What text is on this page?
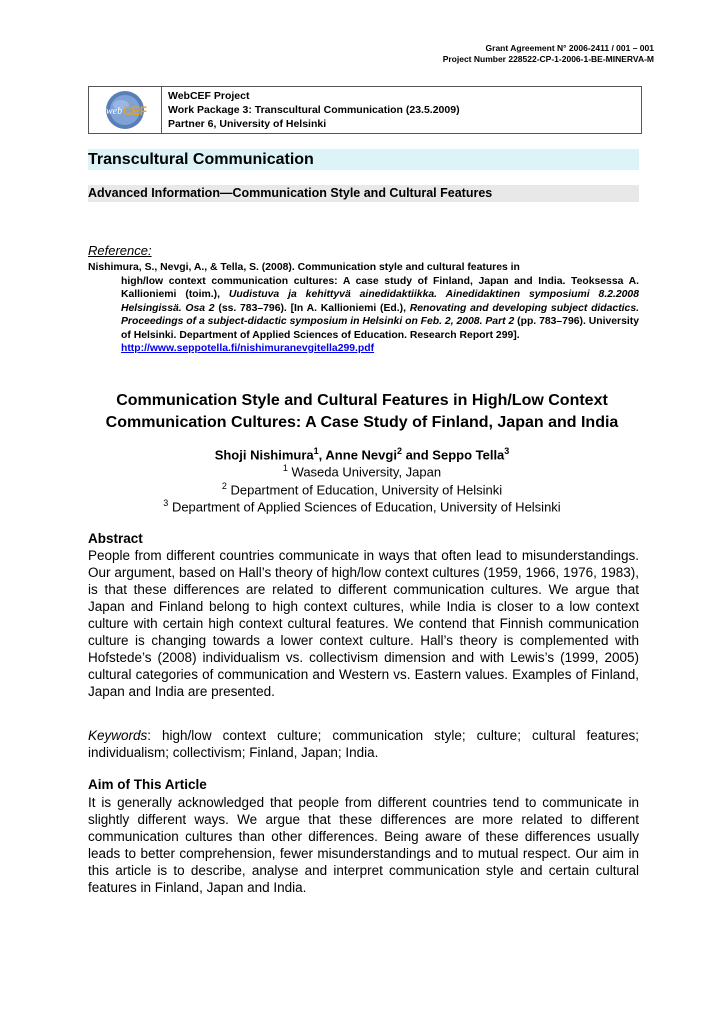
Grant Agreement N° 2006-2411 / 001 – 001
Project Number 228522-CP-1-2006-1-BE-MINERVA-M
web CEF
WebCEF Project
Work Package 3: Transcultural Communication (23.5.2009)
Partner 6, University of Helsinki
Transcultural Communication
Advanced Information—Communication Style and Cultural Features
Reference:
Nishimura, S., Nevgi, A., & Tella, S. (2008). Communication style and cultural features in
high/low context communication cultures: A case study of Finland, Japan and India. Teoksessa A. Kallioniemi (toim.), Uudistuva ja kehittyvä ainedidaktiikka. Ainedidaktinen symposiumi 8.2.2008 Helsingissä. Osa 2 (ss. 783–796). [In A. Kallioniemi (Ed.), Renovating and developing subject didactics. Proceedings of a subject-didactic symposium in Helsinki on Feb. 2, 2008. Part 2 (pp. 783–796). University of Helsinki. Department of Applied Sciences of Education. Research Report 299].
http://www.seppotella.fi/nishimuranevgitella299.pdf
Communication Style and Cultural Features in High/Low Context
Communication Cultures: A Case Study of Finland, Japan and India
Shoji Nishimura$^1$, Anne Nevgi$^2$ and Seppo Tella$^3$
$^1$ Waseda University, Japan
$^2$ Department of Education, University of Helsinki
$^3$ Department of Applied Sciences of Education, University of Helsinki
Abstract
People from different countries communicate in ways that often lead to misunderstandings. Our argument, based on Hall’s theory of high/low context cultures (1959, 1966, 1976, 1983), is that these differences are related to different communication cultures. We argue that Japan and Finland belong to high context cultures, while India is closer to a low context culture with certain high context cultural features. We contend that Finnish communication culture is changing towards a lower context culture. Hall’s theory is complemented with Hofstede’s (2008) individualism vs. collectivism dimension and with Lewis’s (1999, 2005) cultural categories of communication and Western vs. Eastern values. Examples of Finland, Japan and India are presented.
Keywords: high/low context culture; communication style; culture; cultural features; individualism; collectivism; Finland, Japan; India.
Aim of This Article
It is generally acknowledged that people from different countries tend to communicate in slightly different ways. We argue that these differences are more related to different communication cultures than other differences. Being aware of these differences usually leads to better comprehension, fewer misunderstandings and to mutual respect. Our aim in this article is to describe, analyse and interpret communication style and certain cultural features in Finland, Japan and India.
